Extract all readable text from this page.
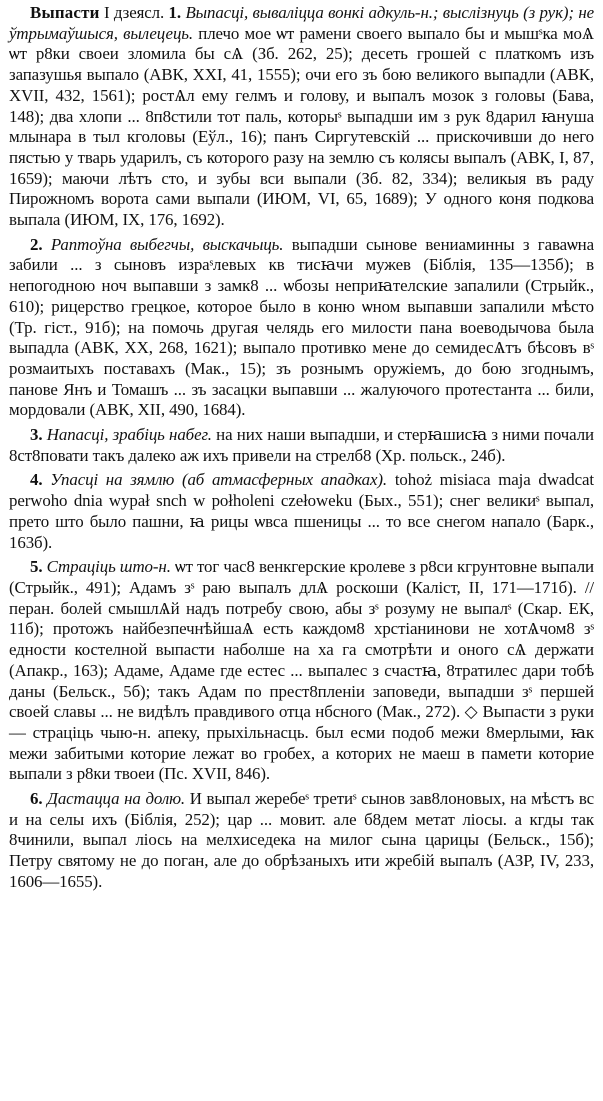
Выпасти I дзеясл. 1. Выпасці, вываліцца вонкі адкуль-н.; выслізнуць (з рук); не ўтрымаўшыся, вылецець. плечо мое ѡт рамени своего выпало бы и мышˢка моѦ ѡт р8ки своеи зломила бы сѦ (Зб. 262, 25); десеть грошей с платкомъ изъ запазушья выпало (АВК, XXI, 41, 1555); очи его зъ бою великого выпадли (АВК, XVII, 432, 1561); ростѦл ему гелмъ и голову, и выпалъ мозок з головы (Бава, 148); два хлопи ... 8п8стили тот паль, которыˢ выпадши им з рук 8дарил ꙗнуша млынара в тыл кголовы (Еўл., 16); панъ Сиргутевскій ... прискочивши до него пястью у тварь ударилъ, съ которого разу на землю съ колясы выпалъ (АВК, I, 87, 1659); маючи лѣтъ сто, и зубы вси выпали (Зб. 82, 334); великыя въ раду Пирожномъ ворота сами выпали (ИЮМ, VI, 65, 1689); У одного коня подкова выпала (ИЮМ, IX, 176, 1692).

2. Раптоўна выбегчы, выскачыць. выпадши сынове вениаминны з гаваѡна забили ... з сыновъ израˢлевых кв тисꙗчи мужев (Біблія, 135—135б); в непогодною ноч выпавши з замк8 ... ѡбозы неприꙗтелские запалили (Стрыйк., 610); рицерство грецкое, которое было в коню ѡном выпавши запалили мѣсто (Тр. гіст., 91б); на помочь другая челядь его милости пана воеводычова была выпадла (АВК, XX, 268, 1621); выпало противко мене до семидесѦтъ бѣсовъ вˢ розмаитыхъ поставахъ (Мак., 15); зъ рознымъ оружіемъ, до бою згоднымъ, панове Янъ и Томашъ ... зъ засацки выпавши ... жалуючого протестанта ... били, мордовали (АВК, XII, 490, 1684).

3. Напасці, зрабіць набег. на них наши выпадши, и стерꙗшисꙗ з ними почали 8ст8повати такъ далеко аж ихъ привели на стрелб8 (Хр. польск., 24б).

4. Упасці на зямлю (аб атмасферных ападках). tohoż misiaca maja dwadcat perwoho dnia wypał snch w połholeni czełoweku (Бых., 551); снег великиˢ выпал, прето што было пашни, ꙗ рицы ѡвса пшеницы ... то все снегом напало (Барк., 163б).

5. Страціць што-н. ѡт тог час8 венкгерские кролеве з р8си кгрунтовне выпали (Стрыйк., 491); Адамъ зˢ раю выпалъ длѦ роскоши (Каліст, II, 171—171б). // перан. болей смышлѦй надъ потребу свою, абы зˢ розуму не выпалˢ (Скар. ЕК, 11б); протожъ найбезпечнѣйшаѦ есть каждом8 хрстіанинови не хотѦчом8 зˢ едности костелной выпасти наболше на ха га смотрѣти и оного сѦ держати (Апакр., 163); Адаме, Адаме где естес ... выпалес з счастꙗ, 8тратилес дари тобѣ даны (Бельск., 5б); такъ Адам по прест8пленіи заповеди, выпадши зˢ першей своей славы ... не видѣлъ правдивого отца нбсного (Мак., 272). ◇ Выпасти з руки — страціць чыю-н. апеку, прыхільнасць. был есми подоб межи 8мерлыми, ꙗк межи забитыми которие лежат во гробех, а которих не маеш в памети которие выпали з р8ки твоеи (Пс. XVII, 846).

6. Дастацца на долю. И выпал жеребеˢ третиˢ сынов зав8лоновых, на мѣстъ вс и на селы ихъ (Біблія, 252); цар ... мовит. але б8дем метат ліосы. а кгды так 8чинили, выпал ліось на мелхиседека на милог сына царицы (Бельск., 15б); Петру святому не до поган, але до обрѣзаныхъ ити жребій выпалъ (АЗР, IV, 233, 1606—1655).
